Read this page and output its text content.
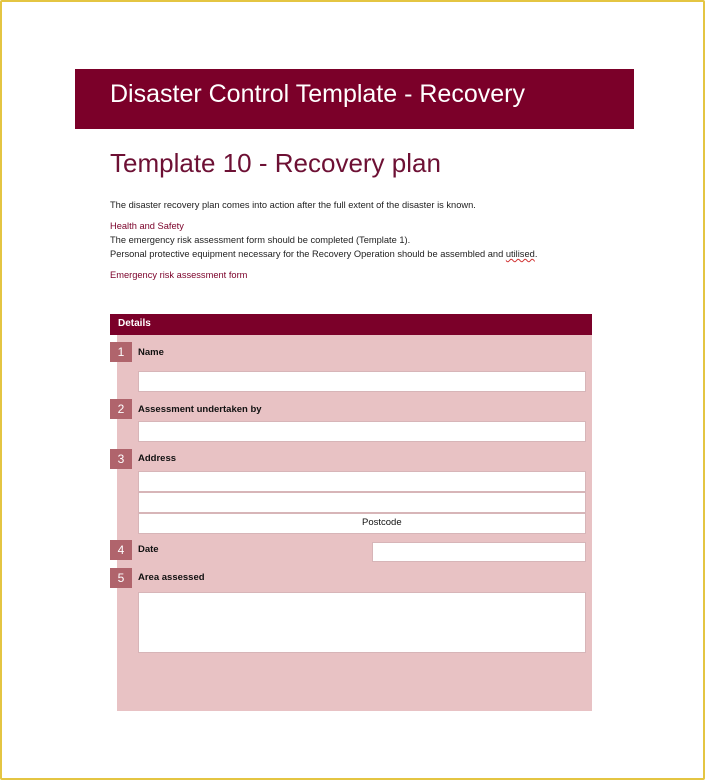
Disaster Control Template - Recovery
Template 10 - Recovery plan
The disaster recovery plan comes into action after the full extent of the disaster is known.
Health and Safety
The emergency risk assessment form should be completed (Template 1).
Personal protective equipment necessary for the Recovery Operation should be assembled and utilised.
Emergency risk assessment form
Details
1	Name
2	Assessment undertaken by
3	Address
Postcode
4	Date
5	Area assessed
